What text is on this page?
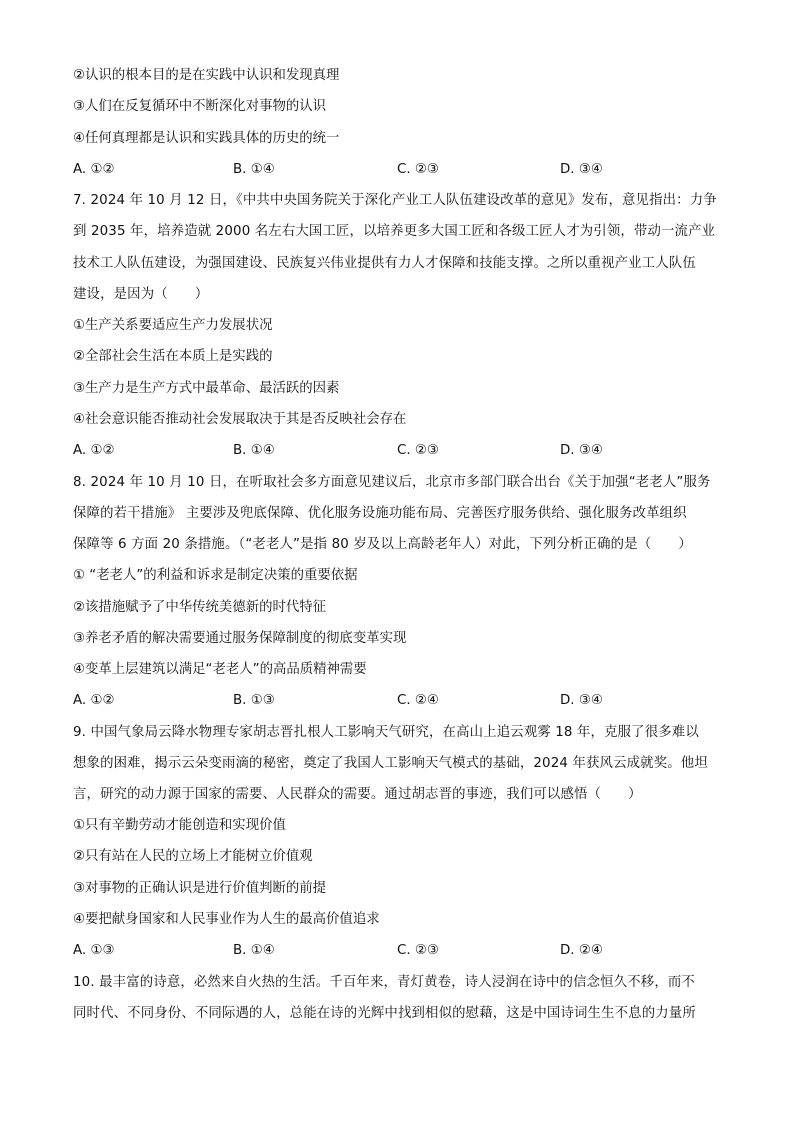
②认识的根本目的是在实践中认识和发现真理
③人们在反复循环中不断深化对事物的认识
④任何真理都是认识和实践具体的历史的统一
A. ①②	B. ①④	C. ②③	D. ③④
7. 2024 年 10 月 12 日，《中共中央国务院关于深化产业工人队伍建设改革的意见》发布，意见指出：力争
到 2035 年，培养造就 2000 名左右大国工匠，以培养更多大国工匠和各级工匠人才为引领，带动一流产业
技术工人队伍建设，为强国建设、民族复兴伟业提供有力人才保障和技能支撑。之所以重视产业工人队伍
建设，是因为（　　）
①生产关系要适应生产力发展状况
②全部社会生活在本质上是实践的
③生产力是生产方式中最革命、最活跃的因素
④社会意识能否推动社会发展取决于其是否反映社会存在
A. ①②	B. ①④	C. ②③	D. ③④
8. 2024 年 10 月 10 日，在听取社会多方面意见建议后，北京市多部门联合出台《关于加强“老老人”服务
保障的若干措施》 主要涉及兜底保障、优化服务设施功能布局、完善医疗服务供给、强化服务改革组织
保障等 6 方面 20 条措施。（“老老人”是指 80 岁及以上高龄老年人）对此，下列分析正确的是（　　）
① “老老人”的利益和诉求是制定决策的重要依据
②该措施赋予了中华传统美德新的时代特征
③养老矛盾的解决需要通过服务保障制度的彻底变革实现
④变革上层建筑以满足“老老人”的高品质精神需要
A. ①②	B. ①③	C. ②④	D. ③④
9. 中国气象局云降水物理专家胡志晋扎根人工影响天气研究，在高山上追云观雾 18 年，克服了很多难以
想象的困难，揭示云朵变雨滴的秘密，奠定了我国人工影响天气模式的基础，2024 年获风云成就奖。他坦
言，研究的动力源于国家的需要、人民群众的需要。通过胡志晋的事迹，我们可以感悟（　　）
①只有辛勤劳动才能创造和实现价值
②只有站在人民的立场上才能树立价值观
③对事物的正确认识是进行价值判断的前提
④要把献身国家和人民事业作为人生的最高价值追求
A. ①③	B. ①④	C. ②③	D. ②④
10. 最丰富的诗意，必然来自火热的生活。千百年来，青灯黄卷，诗人浸润在诗中的信念恒久不移，而不
同时代、不同身份、不同际遇的人，总能在诗的光辉中找到相似的慰藉，这是中国诗词生生不息的力量所
